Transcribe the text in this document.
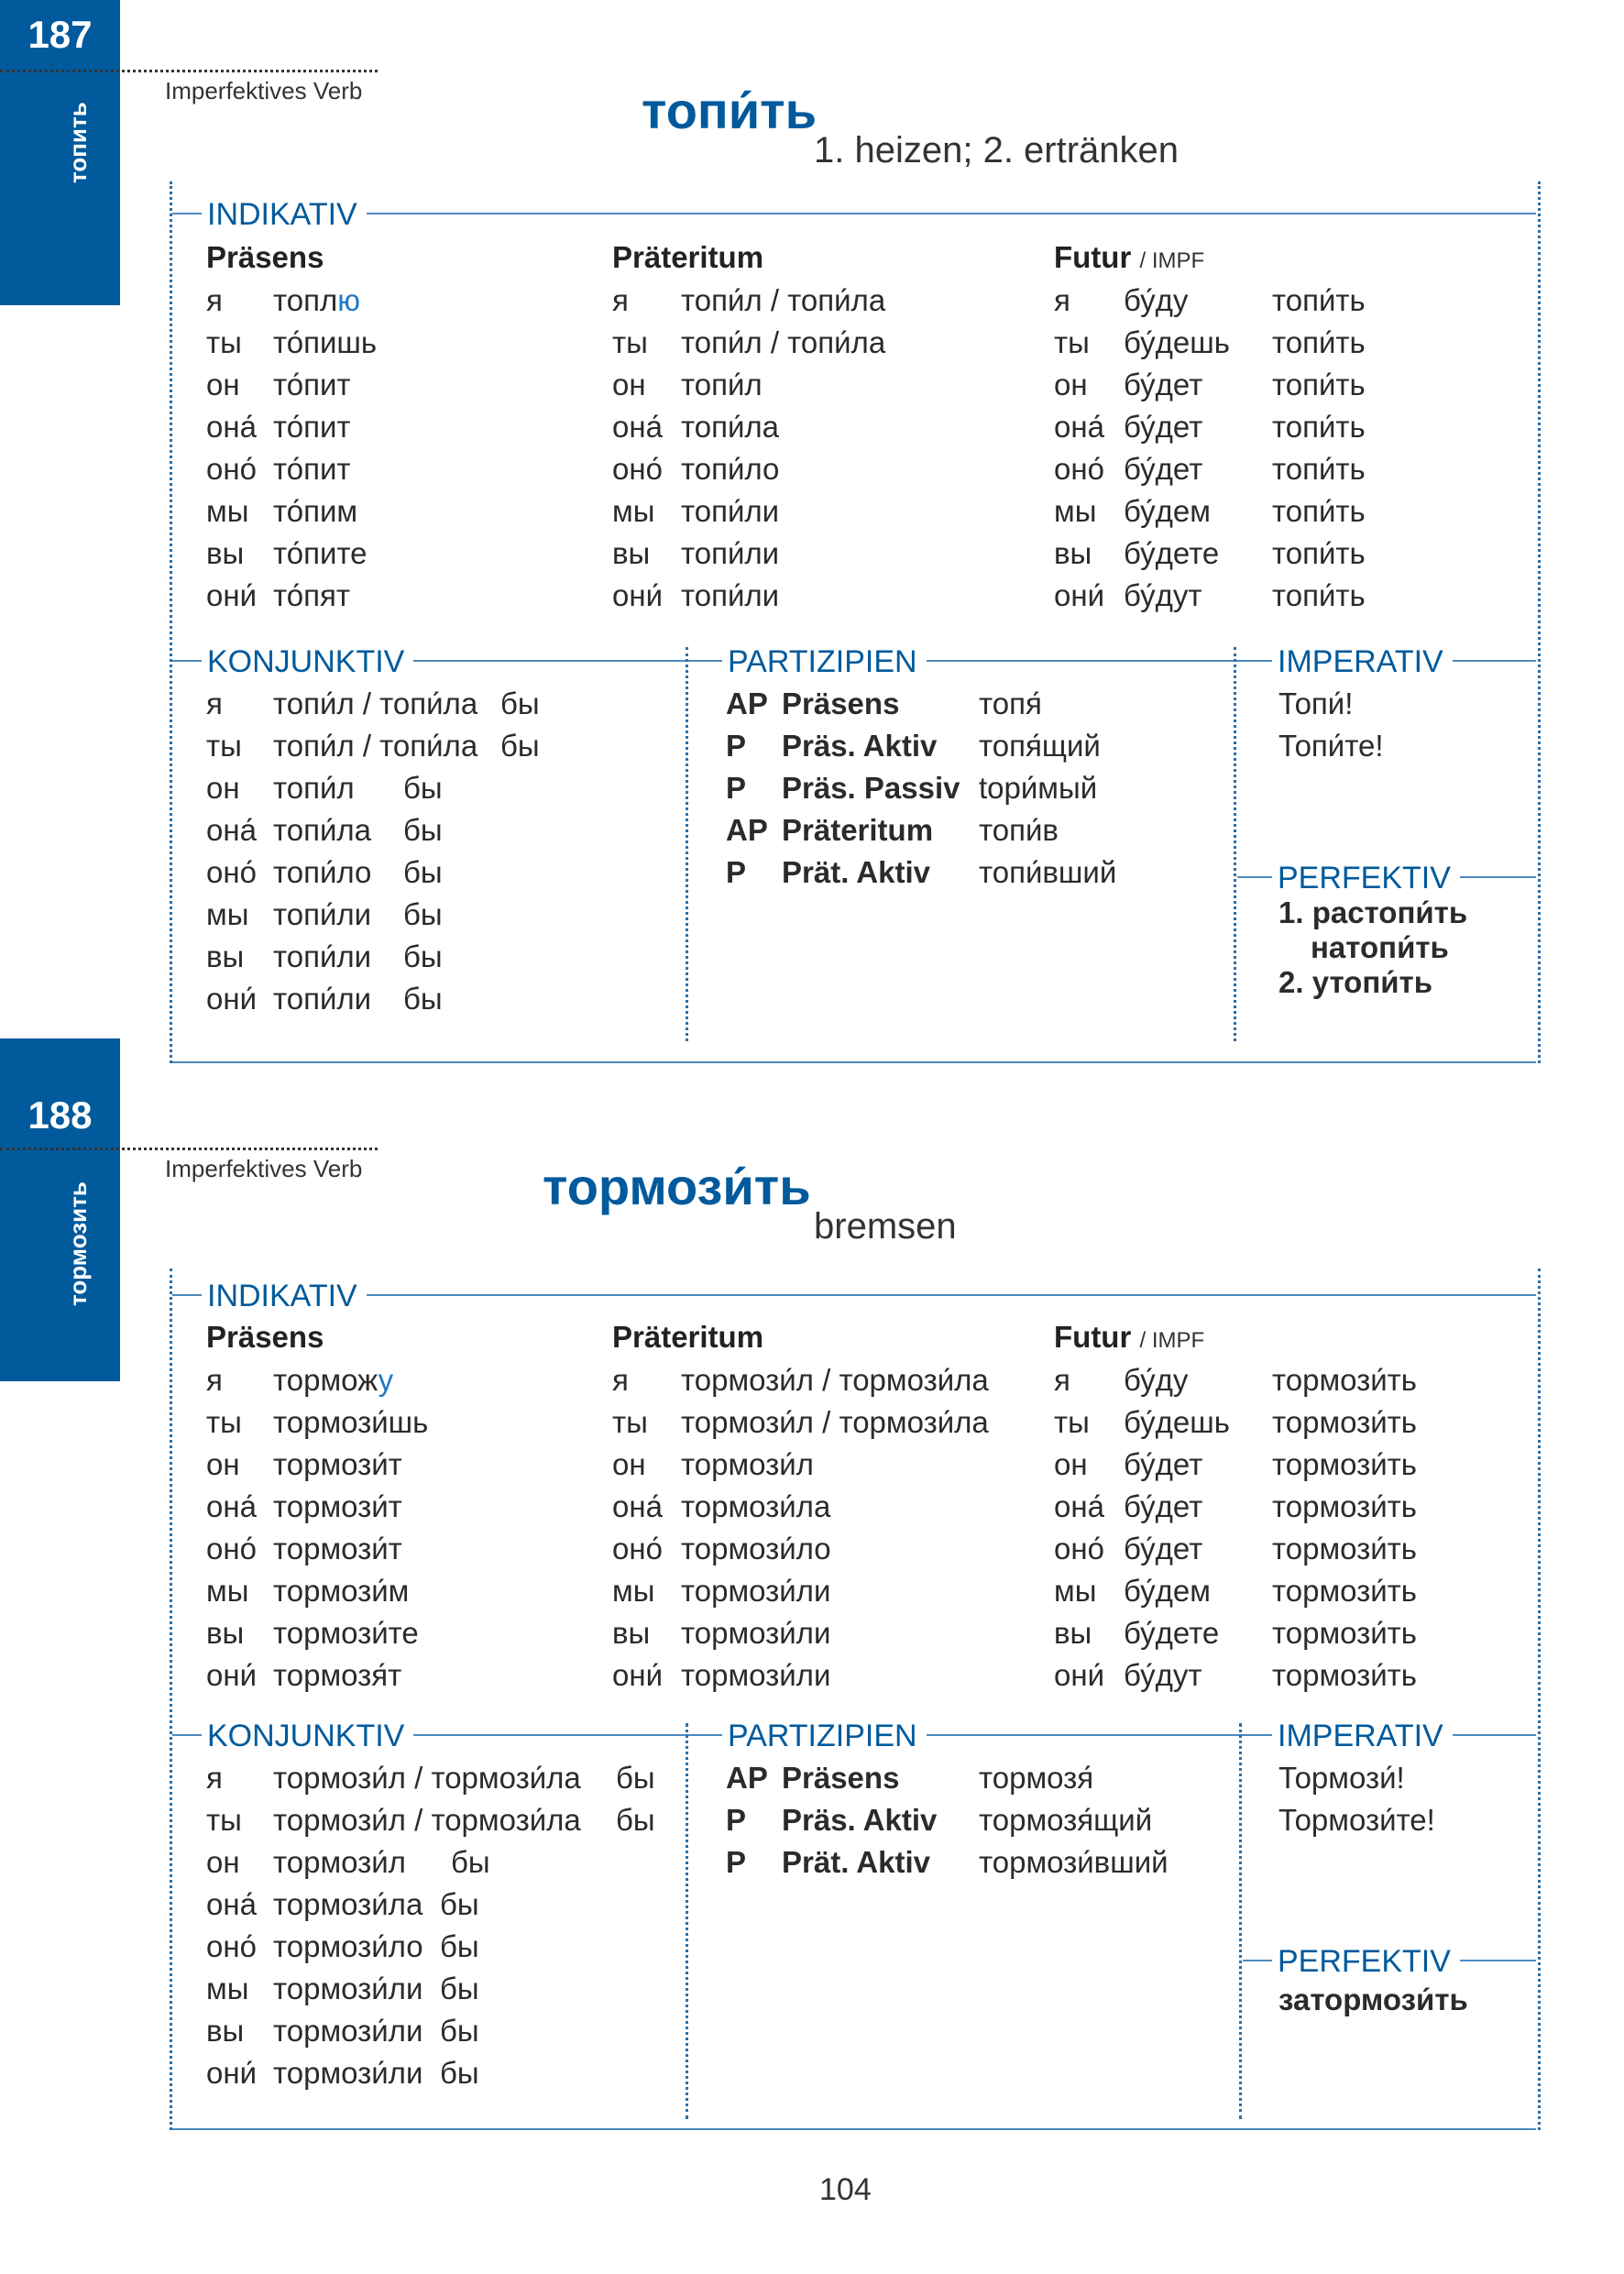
187
топить
Imperfektives Verb	топи́ть
1. heizen; 2. ertränken
INDIKATIV
Präsens	Präteritum	Futur / IMPF
я топлю	я топи́л / топи́ла	я бу́ду	топи́ть
ты то́пишь	ты топи́л / топи́ла	ты бу́дешь топи́ть
он то́пит	он топи́л	он бу́дет топи́ть
она́ то́пит	она́ топи́ла	она́ бу́дет топи́ть
оно́ то́пит	оно́ топи́ло	оно́ бу́дет топи́ть
мы то́пим	мы топи́ли	мы бу́дем топи́ть
вы то́пите	вы топи́ли	вы бу́дете топи́ть
они́ то́пят	они́ топи́ли	они́ бу́дут топи́ть
KONJUNKTIV	PARTIZIPIEN	IMPERATIV
я топи́л / топи́ла бы
ты топи́л / топи́ла бы
он топи́л бы
она́ топи́ла бы
оно́ топи́ло бы
мы топи́ли бы
вы топи́ли бы
они́ топи́ли бы
AP Präsens	топя́
P Präs. Aktiv топя́щий
P Präs. Passiv topи́мый
AP Präteritum топи́в
P Prät. Aktiv топи́вший
Топи́!
Топи́те!
PERFEKTIV
1. растопи́ть
натопи́ть
2. утопи́ть
188
тормозить
Imperfektives Verb	тормози́ть
bremsen
INDIKATIV
Präsens	Präteritum	Futur / IMPF
я торможу	я тормози́л / тормози́ла я бу́ду	тормози́ть
ты тормози́шь	ты тормози́л / тормози́ла ты бу́дешь тормози́ть
он тормози́т	он тормози́л	он бу́дет тормози́ть
она́ тормози́т	она́ тормози́ла	она́ бу́дет тормози́ть
оно́ тормози́т	оно́ тормози́ло	оно́ бу́дет тормози́ть
мы тормози́м	мы тормози́ли	мы бу́дем тормози́ть
вы тормози́те	вы тормози́ли	вы бу́дете тормози́ть
они́ тормозя́т	они́ тормози́ли	они́ бу́дут тормози́ть
KONJUNKTIV	PARTIZIPIEN	IMPERATIV
я тормози́л / тормози́ла бы
ты тормози́л / тормози́ла бы
он тормози́л бы
она́ тормози́ла бы
оно́ тормози́ло бы
мы тормози́ли бы
вы тормози́ли бы
они́ тормози́ли бы
AP Präsens	тормозя́
P Präs. Aktiv тормозя́щий
P Prät. Aktiv тормози́вший
Тормози́!
Тормози́те!
PERFEKTIV
затормози́ть
104
